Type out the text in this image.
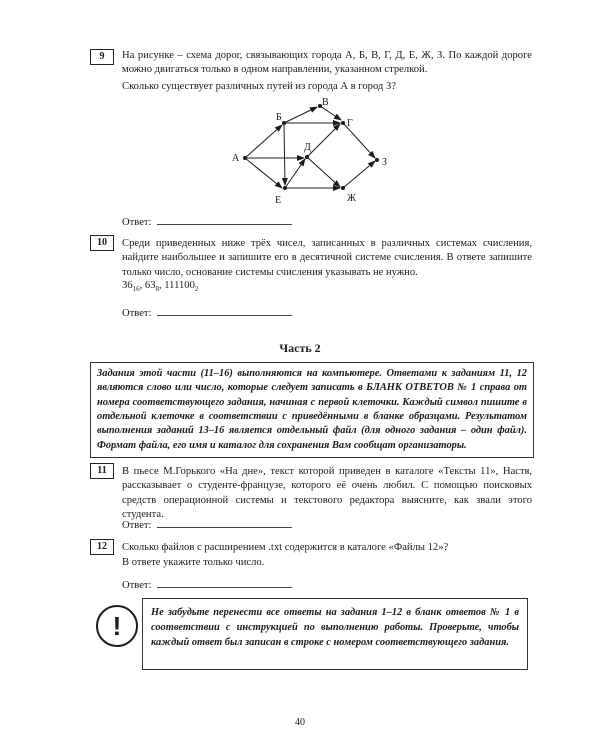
9	На рисунке – схема дорог, связывающих города А, Б, В, Г, Д, Е, Ж, З. По каждой дороге можно двигаться только в одном направлении, указанном стрелкой.
Сколько существует различных путей из города А в город З?
А
Б
В
Г
Д
Е	Ж
З
Ответ:
10	Среди приведенных ниже трёх чисел, записанных в различных системах счисления, найдите наибольшее и запишите его в десятичной системе счисления. В ответе запишите только число, основание системы счисления указывать не нужно.
$36_{16}$, $63_8$, $111100_2$
Ответ:
Часть 2
Задания этой части (11–16) выполняются на компьютере. Ответами к заданиям 11, 12 являются слово или число, которые следует записать в БЛАНК ОТВЕТОВ № 1 справа от номера соответствующего задания, начиная с первой клеточки. Каждый символ пишите в отдельной клеточке в соответствии с приведёнными в бланке образцами. Результатом выполнения заданий 13–16 является отдельный файл (для одного задания – один файл). Формат файла, его имя и каталог для сохранения Вам сообщат организаторы.
11	В пьесе М.Горького «На дне», текст которой приведен в каталоге «Тексты 11», Настя, рассказывает о студенте-французе, которого её очень любил. С помощью поисковых средств операционной системы и текстового редактора выясните, как звали этого студента.
Ответ:
12	Сколько файлов с расширением .txt содержится в каталоге «Файлы 12»?
В ответе укажите только число.
Ответ:
!	Не забудьте перенести все ответы на задания 1–12 в бланк ответов № 1 в соответствии с инструкцией по выполнению работы. Проверьте, чтобы каждый ответ был записан в строке с номером соответствующего задания.
40
